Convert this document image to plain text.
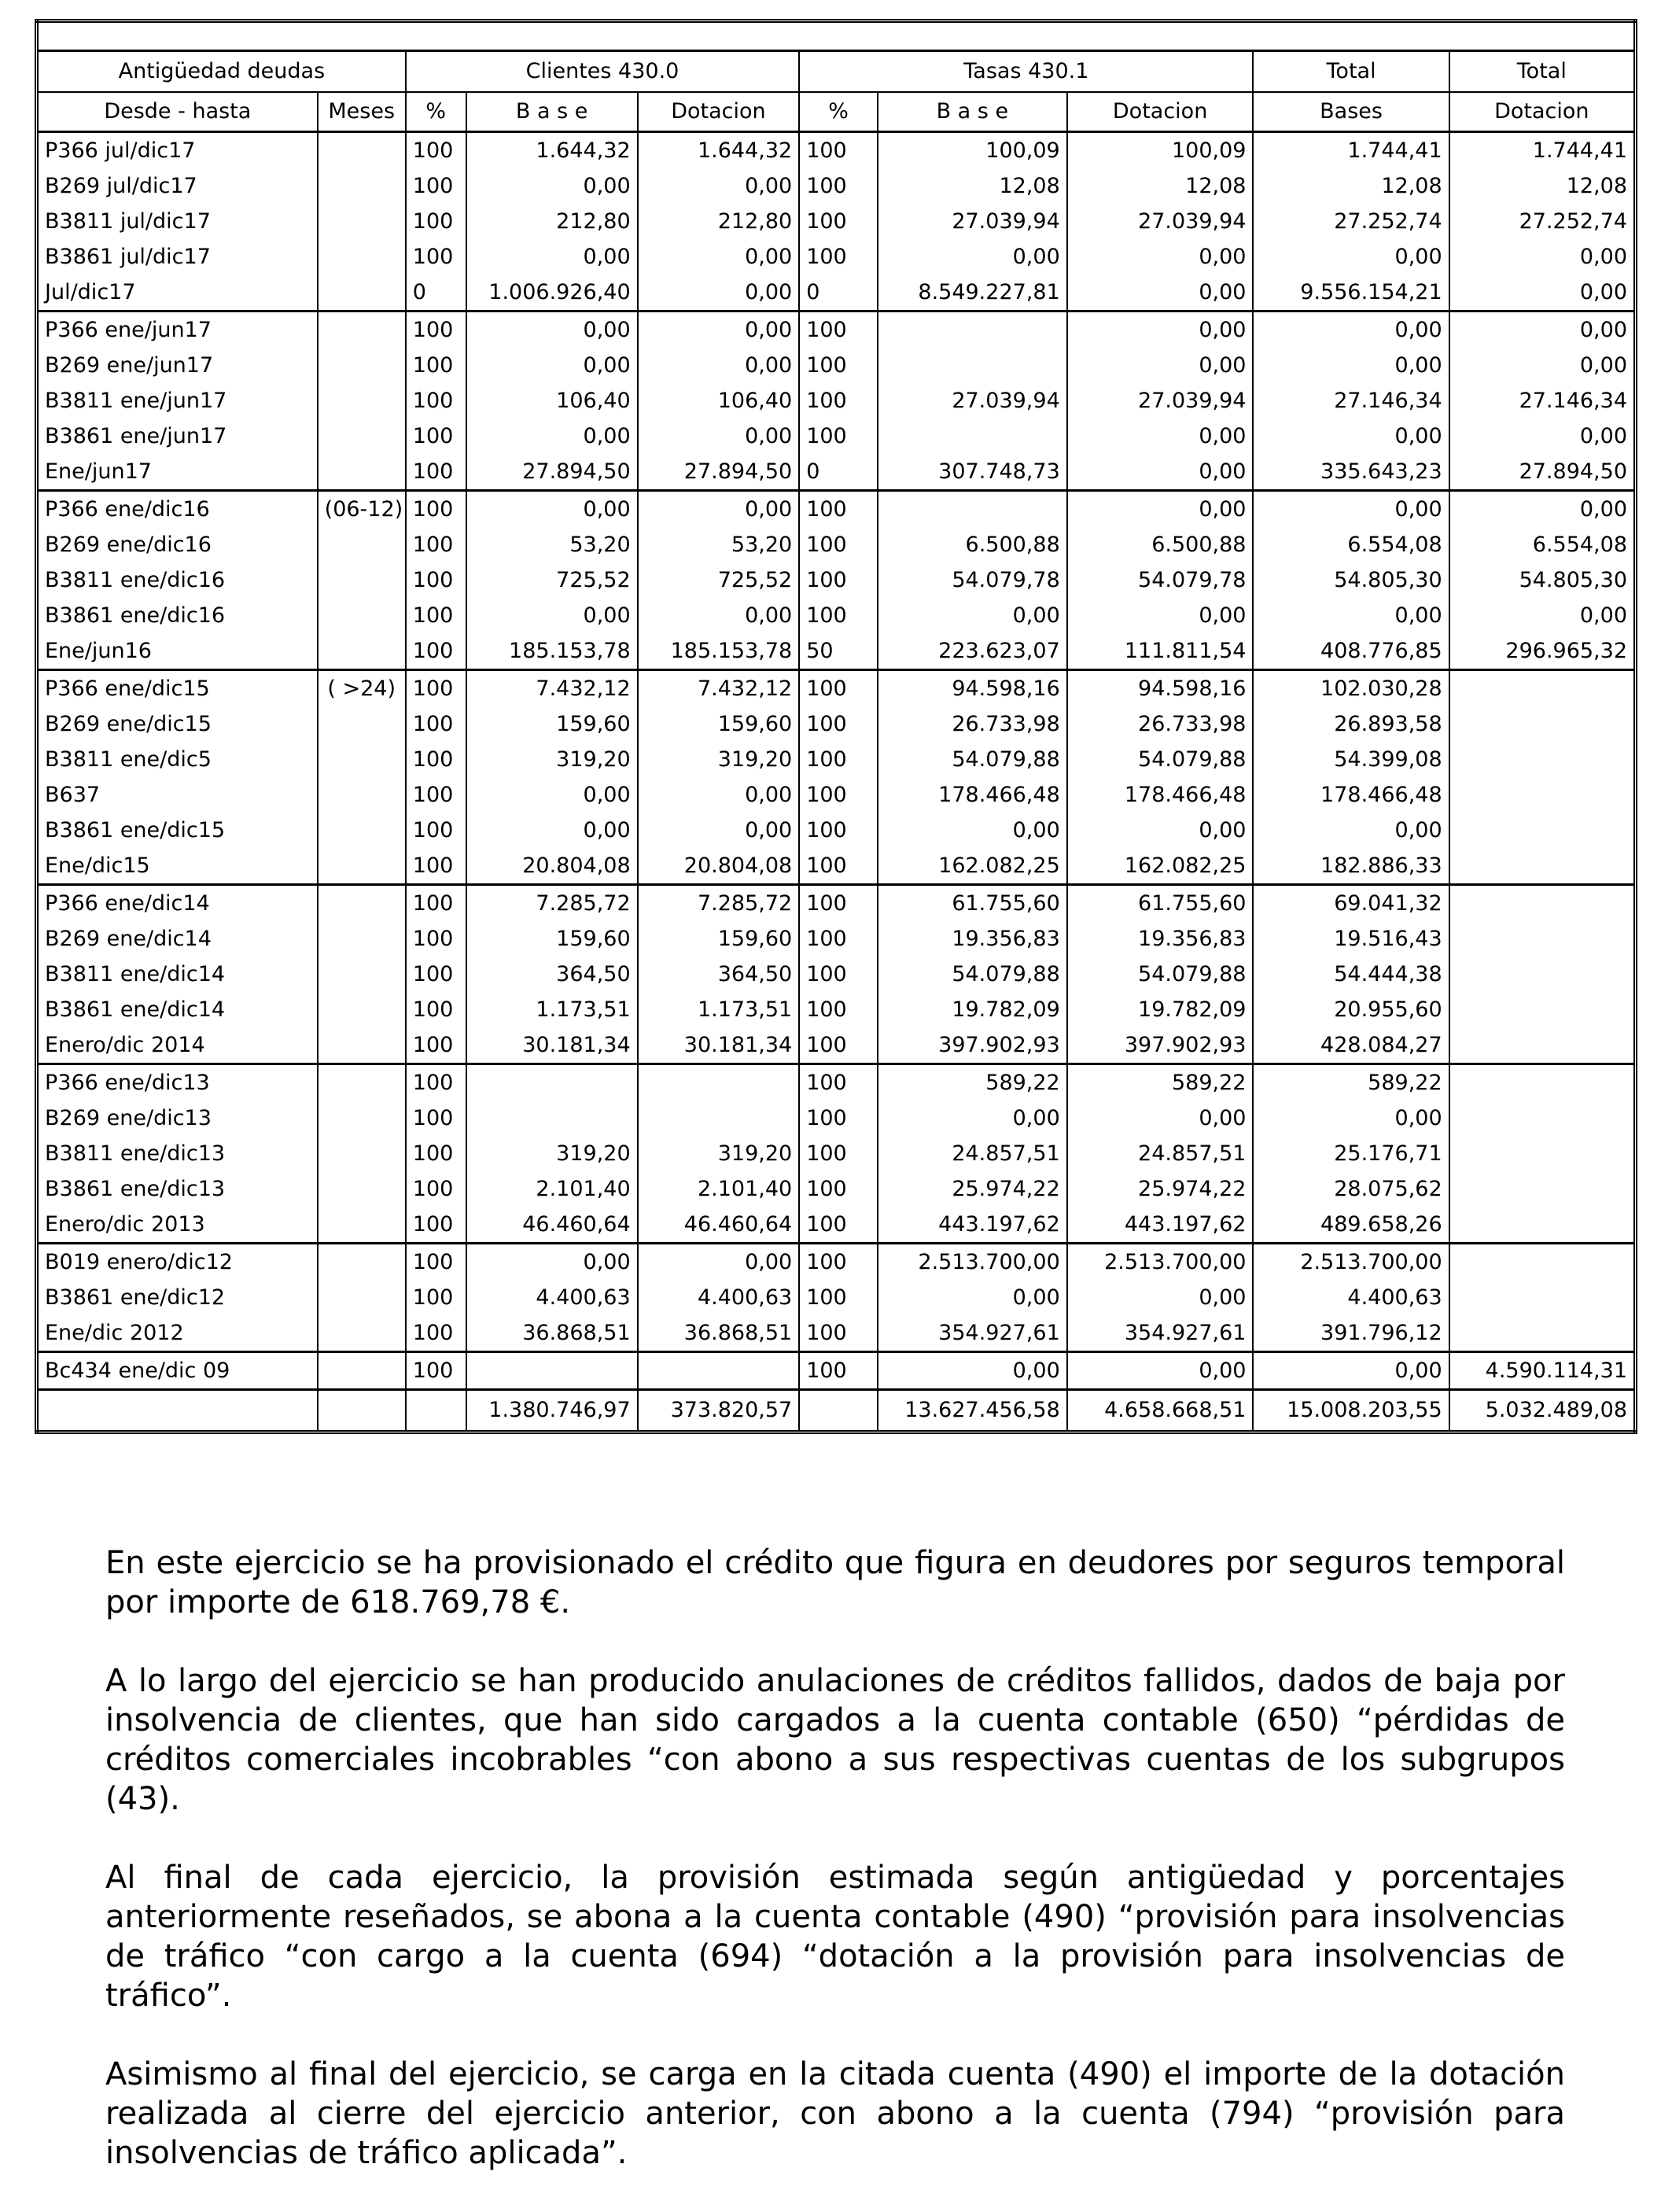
Antigüedad deudas		Clientes 430.0			Tasas 430.1			Total	Total
Desde - hasta	Meses	%	B a s e	Dotacion	%	B a s e	Dotacion	Bases	Dotacion
P366 jul/dic17		100	1.644,32	1.644,32	100	100,09	100,09	1.744,41	1.744,41
B269 jul/dic17		100	0,00	0,00	100	12,08	12,08	12,08	12,08
B3811 jul/dic17		100	212,80	212,80	100	27.039,94	27.039,94	27.252,74	27.252,74
B3861 jul/dic17		100	0,00	0,00	100	0,00	0,00	0,00	0,00
Jul/dic17		0	1.006.926,40	0,00	0	8.549.227,81	0,00	9.556.154,21	0,00
P366 ene/jun17		100	0,00	0,00	100		0,00	0,00	0,00
B269 ene/jun17		100	0,00	0,00	100		0,00	0,00	0,00
B3811 ene/jun17		100	106,40	106,40	100	27.039,94	27.039,94	27.146,34	27.146,34
B3861 ene/jun17		100	0,00	0,00	100		0,00	0,00	0,00
Ene/jun17		100	27.894,50	27.894,50	0	307.748,73	0,00	335.643,23	27.894,50
P366 ene/dic16	(06-12)	100	0,00	0,00	100		0,00	0,00	0,00
B269 ene/dic16		100	53,20	53,20	100	6.500,88	6.500,88	6.554,08	6.554,08
B3811 ene/dic16		100	725,52	725,52	100	54.079,78	54.079,78	54.805,30	54.805,30
B3861 ene/dic16		100	0,00	0,00	100	0,00	0,00	0,00	0,00
Ene/jun16		100	185.153,78	185.153,78	50	223.623,07	111.811,54	408.776,85	296.965,32
P366 ene/dic15	( >24)	100	7.432,12	7.432,12	100	94.598,16	94.598,16	102.030,28	
B269 ene/dic15		100	159,60	159,60	100	26.733,98	26.733,98	26.893,58	
B3811 ene/dic5		100	319,20	319,20	100	54.079,88	54.079,88	54.399,08	
B637		100	0,00	0,00	100	178.466,48	178.466,48	178.466,48	
B3861 ene/dic15		100	0,00	0,00	100	0,00	0,00	0,00	
Ene/dic15		100	20.804,08	20.804,08	100	162.082,25	162.082,25	182.886,33	
P366 ene/dic14		100	7.285,72	7.285,72	100	61.755,60	61.755,60	69.041,32	
B269 ene/dic14		100	159,60	159,60	100	19.356,83	19.356,83	19.516,43	
B3811 ene/dic14		100	364,50	364,50	100	54.079,88	54.079,88	54.444,38	
B3861 ene/dic14		100	1.173,51	1.173,51	100	19.782,09	19.782,09	20.955,60	
Enero/dic 2014		100	30.181,34	30.181,34	100	397.902,93	397.902,93	428.084,27	
P366 ene/dic13		100			100	589,22	589,22	589,22	
B269 ene/dic13		100			100	0,00	0,00	0,00	
B3811 ene/dic13		100	319,20	319,20	100	24.857,51	24.857,51	25.176,71	
B3861 ene/dic13		100	2.101,40	2.101,40	100	25.974,22	25.974,22	28.075,62	
Enero/dic 2013		100	46.460,64	46.460,64	100	443.197,62	443.197,62	489.658,26	
B019 enero/dic12		100	0,00	0,00	100	2.513.700,00	2.513.700,00	2.513.700,00	
B3861 ene/dic12		100	4.400,63	4.400,63	100	0,00	0,00	4.400,63	
Ene/dic 2012		100	36.868,51	36.868,51	100	354.927,61	354.927,61	391.796,12	
Bc434 ene/dic 09		100			100	0,00	0,00	0,00	4.590.114,31
			1.380.746,97	373.820,57		13.627.456,58	4.658.668,51	15.008.203,55	5.032.489,08

En este ejercicio se ha provisionado el crédito que figura en deudores por seguros temporal por importe de 618.769,78 €.

A lo largo del ejercicio se han producido anulaciones de créditos fallidos, dados de baja por insolvencia de clientes, que han sido cargados a la cuenta contable (650) “pérdidas de créditos comerciales incobrables “con abono a sus respectivas cuentas de los subgrupos (43).

Al final de cada ejercicio, la provisión estimada según antigüedad y porcentajes anteriormente reseñados, se abona a la cuenta contable (490) “provisión para insolvencias de tráfico “con cargo a la cuenta (694) “dotación a la provisión para insolvencias de tráfico”.

Asimismo al final del ejercicio, se carga en la citada cuenta (490) el importe de la dotación realizada al cierre del ejercicio anterior, con abono a la cuenta (794) “provisión para insolvencias de tráfico aplicada”.
